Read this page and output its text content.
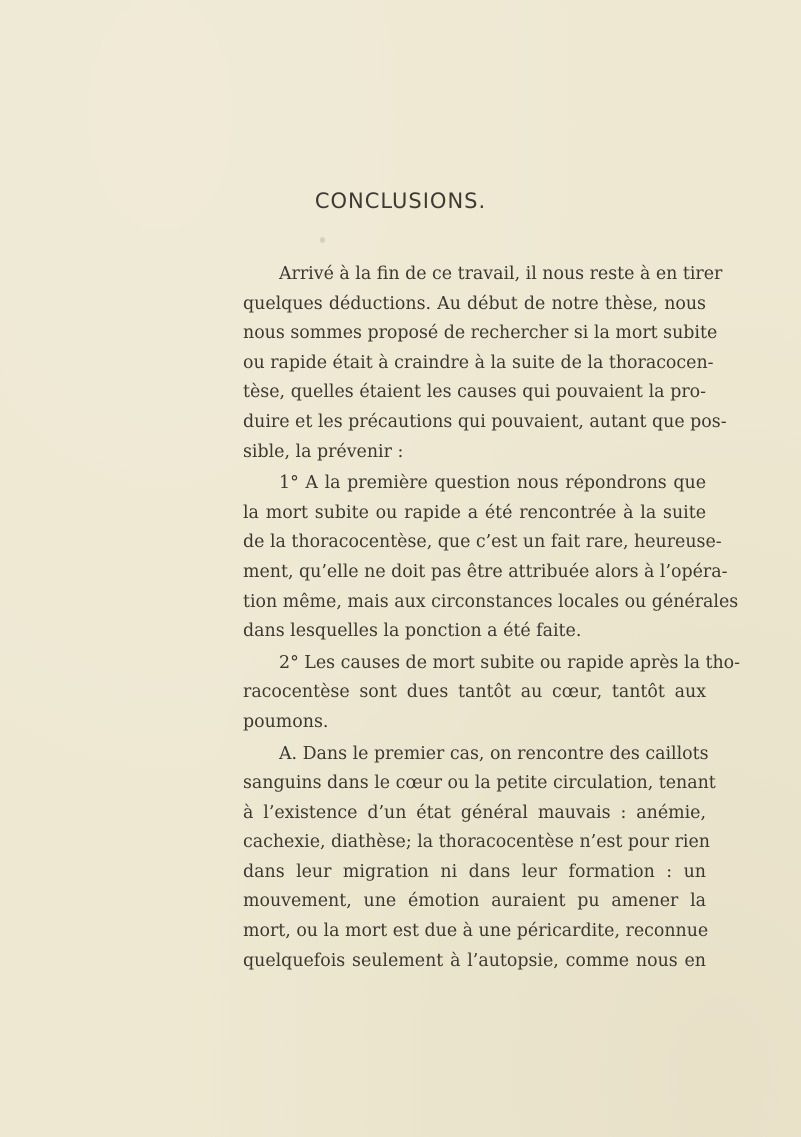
CONCLUSIONS.
Arrivé à la fin de ce travail, il nous reste à en tirer
quelques déductions. Au début de notre thèse, nous
nous sommes proposé de rechercher si la mort subite
ou rapide était à craindre à la suite de la thoracocen-
tèse, quelles étaient les causes qui pouvaient la pro-
duire et les précautions qui pouvaient, autant que pos-
sible, la prévenir :
1° A la première question nous répondrons que
la mort subite ou rapide a été rencontrée à la suite
de la thoracocentèse, que c’est un fait rare, heureuse-
ment, qu’elle ne doit pas être attribuée alors à l’opéra-
tion même, mais aux circonstances locales ou générales
dans lesquelles la ponction a été faite.
2° Les causes de mort subite ou rapide après la tho-
racocentèse sont dues tantôt au cœur, tantôt aux
poumons.
A. Dans le premier cas, on rencontre des caillots
sanguins dans le cœur ou la petite circulation, tenant
à l’existence d’un état général mauvais : anémie,
cachexie, diathèse; la thoracocentèse n’est pour rien
dans leur migration ni dans leur formation : un
mouvement, une émotion auraient pu amener la
mort, ou la mort est due à une péricardite, reconnue
quelquefois seulement à l’autopsie, comme nous en
